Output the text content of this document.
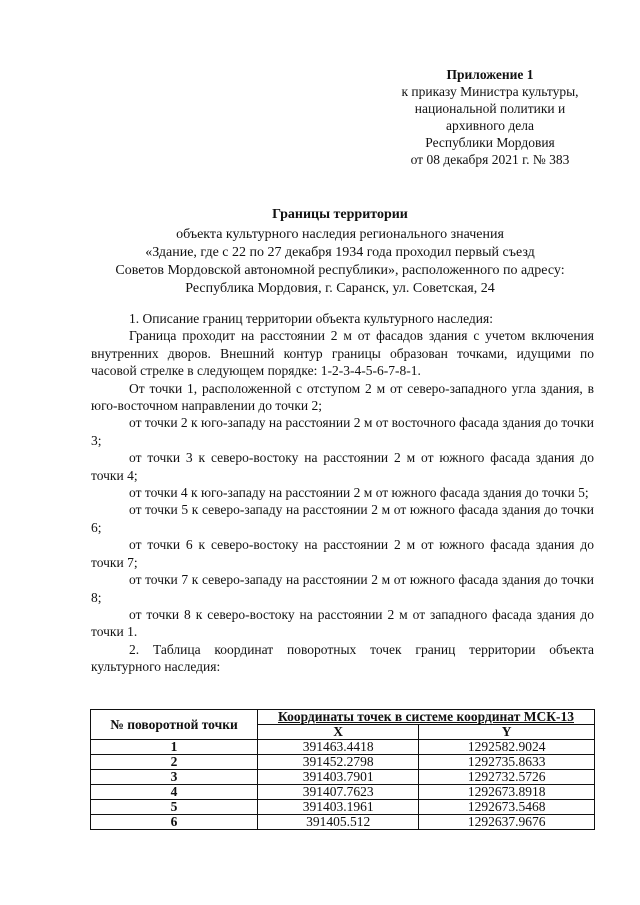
Приложение 1
к приказу Министра культуры,
национальной политики и
архивного дела
Республики Мордовия
от 08 декабря 2021 г. № 383
Границы территории
объекта культурного наследия регионального значения
«Здание, где с 22 по 27 декабря 1934 года проходил первый съезд
Советов Мордовской автономной республики», расположенного по адресу:
Республика Мордовия, г. Саранск, ул. Советская, 24

1. Описание границ территории объекта культурного наследия:

Граница проходит на расстоянии 2 м от фасадов здания с учетом включения внутренних дворов. Внешний контур границы образован точками, идущими по часовой стрелке в следующем порядке: 1-2-3-4-5-6-7-8-1.

От точки 1, расположенной с отступом 2 м от северо-западного угла здания, в юго-восточном направлении до точки 2;

от точки 2 к юго-западу на расстоянии 2 м от восточного фасада здания до точки 3;

от точки 3 к северо-востоку на расстоянии 2 м от южного фасада здания до точки 4;

от точки 4 к юго-западу на расстоянии 2 м от южного фасада здания до точки 5;

от точки 5 к северо-западу на расстоянии 2 м от южного фасада здания до точки 6;

от точки 6 к северо-востоку на расстоянии 2 м от южного фасада здания до точки 7;

от точки 7 к северо-западу на расстоянии 2 м от южного фасада здания до точки 8;

от точки 8 к северо-востоку на расстоянии 2 м от западного фасада здания до точки 1.

2. Таблица координат поворотных точек границ территории объекта культурного наследия:

№ поворотной точки	Координаты точек в системе координат МСК-13	
	X	Y
1	391463.4418	1292582.9024
2	391452.2798	1292735.8633
3	391403.7901	1292732.5726
4	391407.7623	1292673.8918
5	391403.1961	1292673.5468
6	391405.512	1292637.9676
